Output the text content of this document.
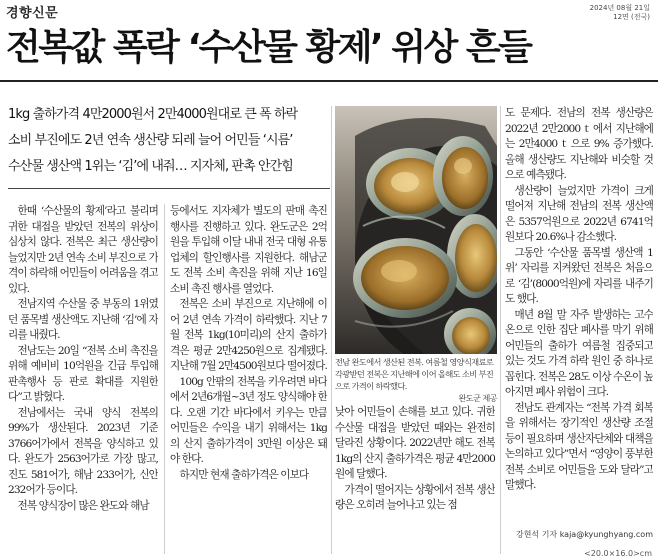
경향신문	2024년 08월 21일
12면 (전국)
전복값 폭락 ‘수산물 황제’ 위상 흔들
1kg 출하가격 4만2000원서 2만4000원대로 큰 폭 하락
소비 부진에도 2년 연속 생산량 되레 늘어 어민들 ‘시름’
수산물 생산액 1위는 ‘김’에 내줘… 지자체, 판촉 안간힘

한때 ‘수산물의 황제’라고 불리며 귀한 대접을 받았던 전복의 위상이 심상치 않다. 전복은 최근 생산량이 늘었지만 2년 연속 소비 부진으로 가격이 하락해 어민들이 어려움을 겪고 있다.

전남지역 수산물 중 부동의 1위였던 품목별 생산액도 지난해 ‘김’에 자리를 내줬다.

전남도는 20일 “전복 소비 촉진을 위해 예비비 10억원을 긴급 투입해 판촉행사 등 판로 확대를 지원한다”고 밝혔다.

전남에서는 국내 양식 전복의 99%가 생산된다. 2023년 기준 3766어가에서 전복을 양식하고 있다. 완도가 2563어가로 가장 많고, 진도 581어가, 해남 233어가, 신안 232어가 등이다.

전복 양식장이 많은 완도와 해남

등에서도 지자체가 별도의 판매 촉진 행사를 진행하고 있다. 완도군은 2억원을 투입해 이달 내내 전국 대형 유통업체의 할인행사를 지원한다. 해남군도 전복 소비 촉진을 위해 지난 16일 소비 촉진 행사를 열었다.

전복은 소비 부진으로 지난해에 이어 2년 연속 가격이 하락했다. 지난 7월 전복 1kg(10미리)의 산지 출하가격은 평균 2만4250원으로 집계됐다. 지난해 7월 2만4500원보다 떨어졌다.

100g 안팎의 전복을 키우려면 바다에서 2년6개월~3년 정도 양식해야 한다. 오랜 기간 바다에서 키우는 만큼 어민들은 수익을 내기 위해서는 1kg의 산지 출하가격이 3만원 이상은 돼야 한다.

하지만 현재 출하가격은 이보다

전남 완도에서 생산된 전복. 여름철 영양식재료로 각광받던 전복은 지난해에 이어 올해도 소비 부진으로 가격이 하락했다.
완도군 제공

낮아 어민들이 손해를 보고 있다. 귀한 수산물 대접을 받았던 때와는 완전히 달라진 상황이다. 2022년만 해도 전복 1kg의 산지 출하가격은 평균 4만2000원에 달했다.

가격이 떨어지는 상황에서 전복 생산량은 오히려 늘어나고 있는 점

도 문제다. 전남의 전복 생산량은 2022년 2만2000ｔ에서 지난해에는 2만4000ｔ으로 9% 증가했다. 올해 생산량도 지난해와 비슷할 것으로 예측됐다.

생산량이 늘었지만 가격이 크게 떨어져 지난해 전남의 전복 생산액은 5357억원으로 2022년 6741억원보다 20.6%나 감소했다.

그동안 ‘수산물 품목별 생산액 1위’ 자리를 지켜왔던 전복은 처음으로 ‘김’(8000억원)에 자리를 내주기도 했다.

매년 8월 말 자주 발생하는 고수온으로 인한 집단 폐사를 막기 위해 어민들의 출하가 여름철 집중되고 있는 것도 가격 하락 원인 중 하나로 꼽힌다. 전복은 28도 이상 수온이 높아지면 폐사 위험이 크다.

전남도 관계자는 “전복 가격 회복을 위해서는 장기적인 생산량 조절 등이 필요하며 생산자단체와 대책을 논의하고 있다”면서 “영양이 풍부한 전복 소비로 어민들을 도와 달라”고 말했다.

강현석 기자 kaja@kyunghyang.com
<20.0×16.0>cm
